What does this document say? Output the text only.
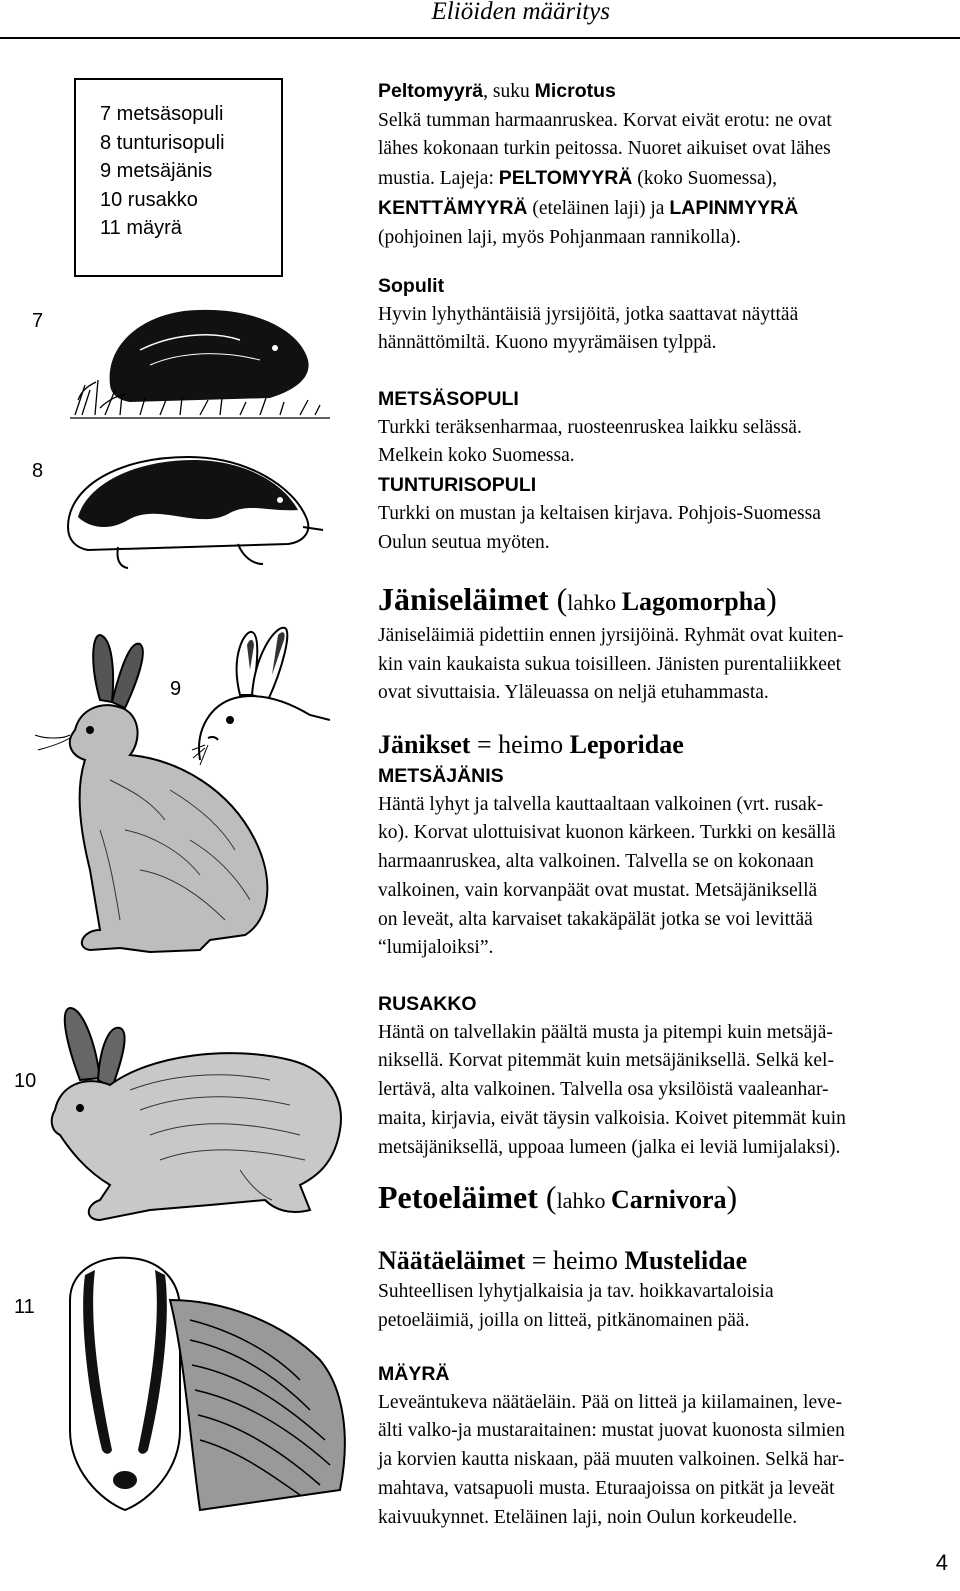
Eliöiden määritys
7 metsäsopuli
8 tunturisopuli
9 metsäjänis
10 rusakko
11 mäyrä
7
8
9
10
11

Peltomyyrä, suku Microtus

Selkä tumman harmaanruskea. Korvat eivät erotu: ne ovat

lähes kokonaan turkin peitossa. Nuoret aikuiset ovat lähes

mustia. Lajeja: PELTOMYYRÄ (koko Suomessa),

KENTTÄMYYRÄ (eteläinen laji) ja LAPINMYYRÄ

(pohjoinen laji, myös Pohjanmaan rannikolla).

Sopulit

Hyvin lyhythäntäisiä jyrsijöitä, jotka saattavat näyttää

hännättömiltä. Kuono myyrämäisen tylppä.

METSÄSOPULI

Turkki teräksenharmaa, ruosteenruskea laikku selässä.

Melkein koko Suomessa.

TUNTURISOPULI

Turkki on mustan ja keltaisen kirjava. Pohjois-Suomessa

Oulun seutua myöten.

Jäniseläimet (lahko Lagomorpha)

Jäniseläimiä pidettiin ennen jyrsijöinä. Ryhmät ovat kuiten-

kin vain kaukaista sukua toisilleen. Jänisten purentaliikkeet

ovat sivuttaisia. Yläleuassa on neljä etuhammasta.

Jänikset = heimo Leporidae

METSÄJÄNIS

Häntä lyhyt ja talvella kauttaaltaan valkoinen (vrt. rusak-

ko). Korvat ulottuisivat kuonon kärkeen. Turkki on kesällä

harmaanruskea, alta valkoinen. Talvella se on kokonaan

valkoinen, vain korvanpäät ovat mustat. Metsäjäniksellä

on leveät, alta karvaiset takakäpälät jotka se voi levittää

“lumijaloiksi”.

RUSAKKO

Häntä on talvellakin päältä musta ja pitempi kuin metsäjä-

niksellä. Korvat pitemmät kuin metsäjäniksellä. Selkä kel-

lertävä, alta valkoinen. Talvella osa yksilöistä vaaleanhar-

maita, kirjavia, eivät täysin valkoisia. Koivet pitemmät kuin

metsäjäniksellä, uppoaa lumeen (jalka ei leviä lumijalaksi).

Petoeläimet (lahko Carnivora)

Näätäeläimet = heimo Mustelidae

Suhteellisen lyhytjalkaisia ja tav. hoikkavartaloisia

petoeläimiä, joilla on litteä, pitkänomainen pää.

MÄYRÄ

Leveäntukeva näätäeläin. Pää on litteä ja kiilamainen, leve-

älti valko-ja mustaraitainen: mustat juovat kuonosta silmien

ja korvien kautta niskaan, pää muuten valkoinen. Selkä har-

mahtava, vatsapuoli musta. Eturaajoissa on pitkät ja leveät

kaivuukynnet. Eteläinen laji, noin Oulun korkeudelle.

4
